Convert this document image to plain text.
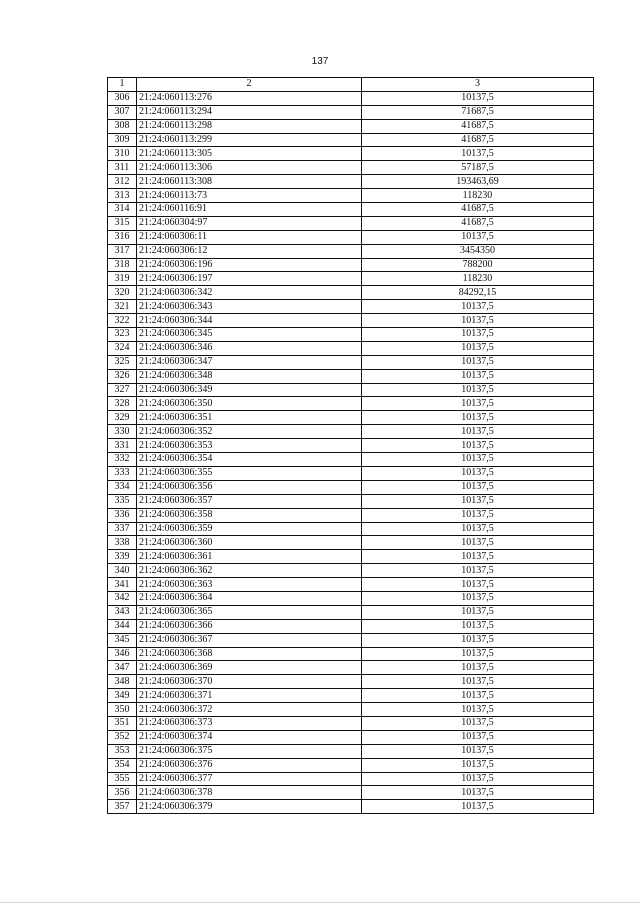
137
1	2	3
306	21:24:060113:276	10137,5
307	21:24:060113:294	71687,5
308	21:24:060113:298	41687,5
309	21:24:060113:299	41687,5
310	21:24:060113:305	10137,5
311	21:24:060113:306	57187,5
312	21:24:060113:308	193463,69
313	21:24:060113:73	118230
314	21:24:060116:91	41687,5
315	21:24:060304:97	41687,5
316	21:24:060306:11	10137,5
317	21:24:060306:12	3454350
318	21:24:060306:196	788200
319	21:24:060306:197	118230
320	21:24:060306:342	84292,15
321	21:24:060306:343	10137,5
322	21:24:060306:344	10137,5
323	21:24:060306:345	10137,5
324	21:24:060306:346	10137,5
325	21:24:060306:347	10137,5
326	21:24:060306:348	10137,5
327	21:24:060306:349	10137,5
328	21:24:060306:350	10137,5
329	21:24:060306:351	10137,5
330	21:24:060306:352	10137,5
331	21:24:060306:353	10137,5
332	21:24:060306:354	10137,5
333	21:24:060306:355	10137,5
334	21:24:060306:356	10137,5
335	21:24:060306:357	10137,5
336	21:24:060306:358	10137,5
337	21:24:060306:359	10137,5
338	21:24:060306:360	10137,5
339	21:24:060306:361	10137,5
340	21:24:060306:362	10137,5
341	21:24:060306:363	10137,5
342	21:24:060306:364	10137,5
343	21:24:060306:365	10137,5
344	21:24:060306:366	10137,5
345	21:24:060306:367	10137,5
346	21:24:060306:368	10137,5
347	21:24:060306:369	10137,5
348	21:24:060306:370	10137,5
349	21:24:060306:371	10137,5
350	21:24:060306:372	10137,5
351	21:24:060306:373	10137,5
352	21:24:060306:374	10137,5
353	21:24:060306:375	10137,5
354	21:24:060306:376	10137,5
355	21:24:060306:377	10137,5
356	21:24:060306:378	10137,5
357	21:24:060306:379	10137,5
